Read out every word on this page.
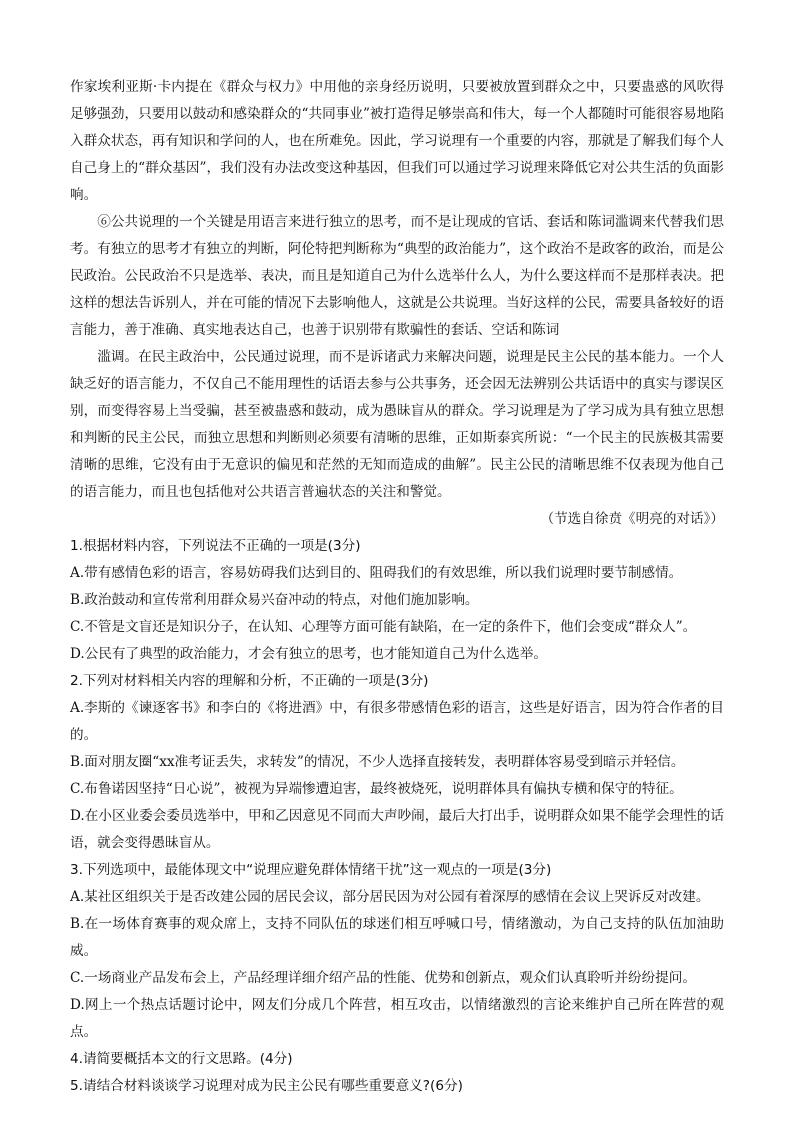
作家埃利亚斯·卡内提在《群众与权力》中用他的亲身经历说明，只要被放置到群众之中，只要蛊惑的风吹得足够强劲，只要用以鼓动和感染群众的“共同事业”被打造得足够崇高和伟大，每一个人都随时可能很容易地陷入群众状态，再有知识和学问的人，也在所难免。因此，学习说理有一个重要的内容，那就是了解我们每个人自己身上的“群众基因”，我们没有办法改变这种基因，但我们可以通过学习说理来降低它对公共生活的负面影响。

⑥公共说理的一个关键是用语言来进行独立的思考，而不是让现成的官话、套话和陈词滥调来代替我们思考。有独立的思考才有独立的判断，阿伦特把判断称为“典型的政治能力”，这个政治不是政客的政治，而是公民政治。公民政治不只是选举、表决，而且是知道自己为什么选举什么人，为什么要这样而不是那样表决。把这样的想法告诉别人，并在可能的情况下去影响他人，这就是公共说理。当好这样的公民，需要具备较好的语言能力，善于准确、真实地表达自己，也善于识别带有欺骗性的套话、空话和陈词

滥调。在民主政治中，公民通过说理，而不是诉诸武力来解决问题，说理是民主公民的基本能力。一个人缺乏好的语言能力，不仅自己不能用理性的话语去参与公共事务，还会因无法辨别公共话语中的真实与谬误区别，而变得容易上当受骗，甚至被蛊惑和鼓动，成为愚昧盲从的群众。学习说理是为了学习成为具有独立思想和判断的民主公民，而独立思想和判断则必须要有清晰的思维，正如斯泰宾所说：“一个民主的民族极其需要清晰的思维，它没有由于无意识的偏见和茫然的无知而造成的曲解”。民主公民的清晰思维不仅表现为他自己的语言能力，而且也包括他对公共语言普遍状态的关注和警觉。

（节选自徐贲《明亮的对话》）

1.根据材料内容，下列说法不正确的一项是(3分)

A.带有感情色彩的语言，容易妨碍我们达到目的、阻碍我们的有效思维，所以我们说理时要节制感情。

B.政治鼓动和宣传常利用群众易兴奋冲动的特点，对他们施加影响。

C.不管是文盲还是知识分子，在认知、心理等方面可能有缺陷，在一定的条件下，他们会变成“群众人”。

D.公民有了典型的政治能力，才会有独立的思考，也才能知道自己为什么选举。

2.下列对材料相关内容的理解和分析，不正确的一项是(3分)

A.李斯的《谏逐客书》和李白的《将进酒》中，有很多带感情色彩的语言，这些是好语言，因为符合作者的目的。

B.面对朋友圈“xx准考证丢失，求转发”的情况，不少人选择直接转发，表明群体容易受到暗示并轻信。

C.布鲁诺因坚持“日心说”，被视为异端惨遭迫害，最终被烧死，说明群体具有偏执专横和保守的特征。

D.在小区业委会委员选举中，甲和乙因意见不同而大声吵闹，最后大打出手，说明群众如果不能学会理性的话语，就会变得愚昧盲从。

3.下列选项中，最能体现文中“说理应避免群体情绪干扰”这一观点的一项是(3分)

A.某社区组织关于是否改建公园的居民会议，部分居民因为对公园有着深厚的感情在会议上哭诉反对改建。

B.在一场体育赛事的观众席上，支持不同队伍的球迷们相互呼喊口号，情绪激动，为自己支持的队伍加油助威。

C.一场商业产品发布会上，产品经理详细介绍产品的性能、优势和创新点，观众们认真聆听并纷纷提问。

D.网上一个热点话题讨论中，网友们分成几个阵营，相互攻击，以情绪激烈的言论来维护自己所在阵营的观点。

4.请简要概括本文的行文思路。(4分)

5.请结合材料谈谈学习说理对成为民主公民有哪些重要意义?(6分)
